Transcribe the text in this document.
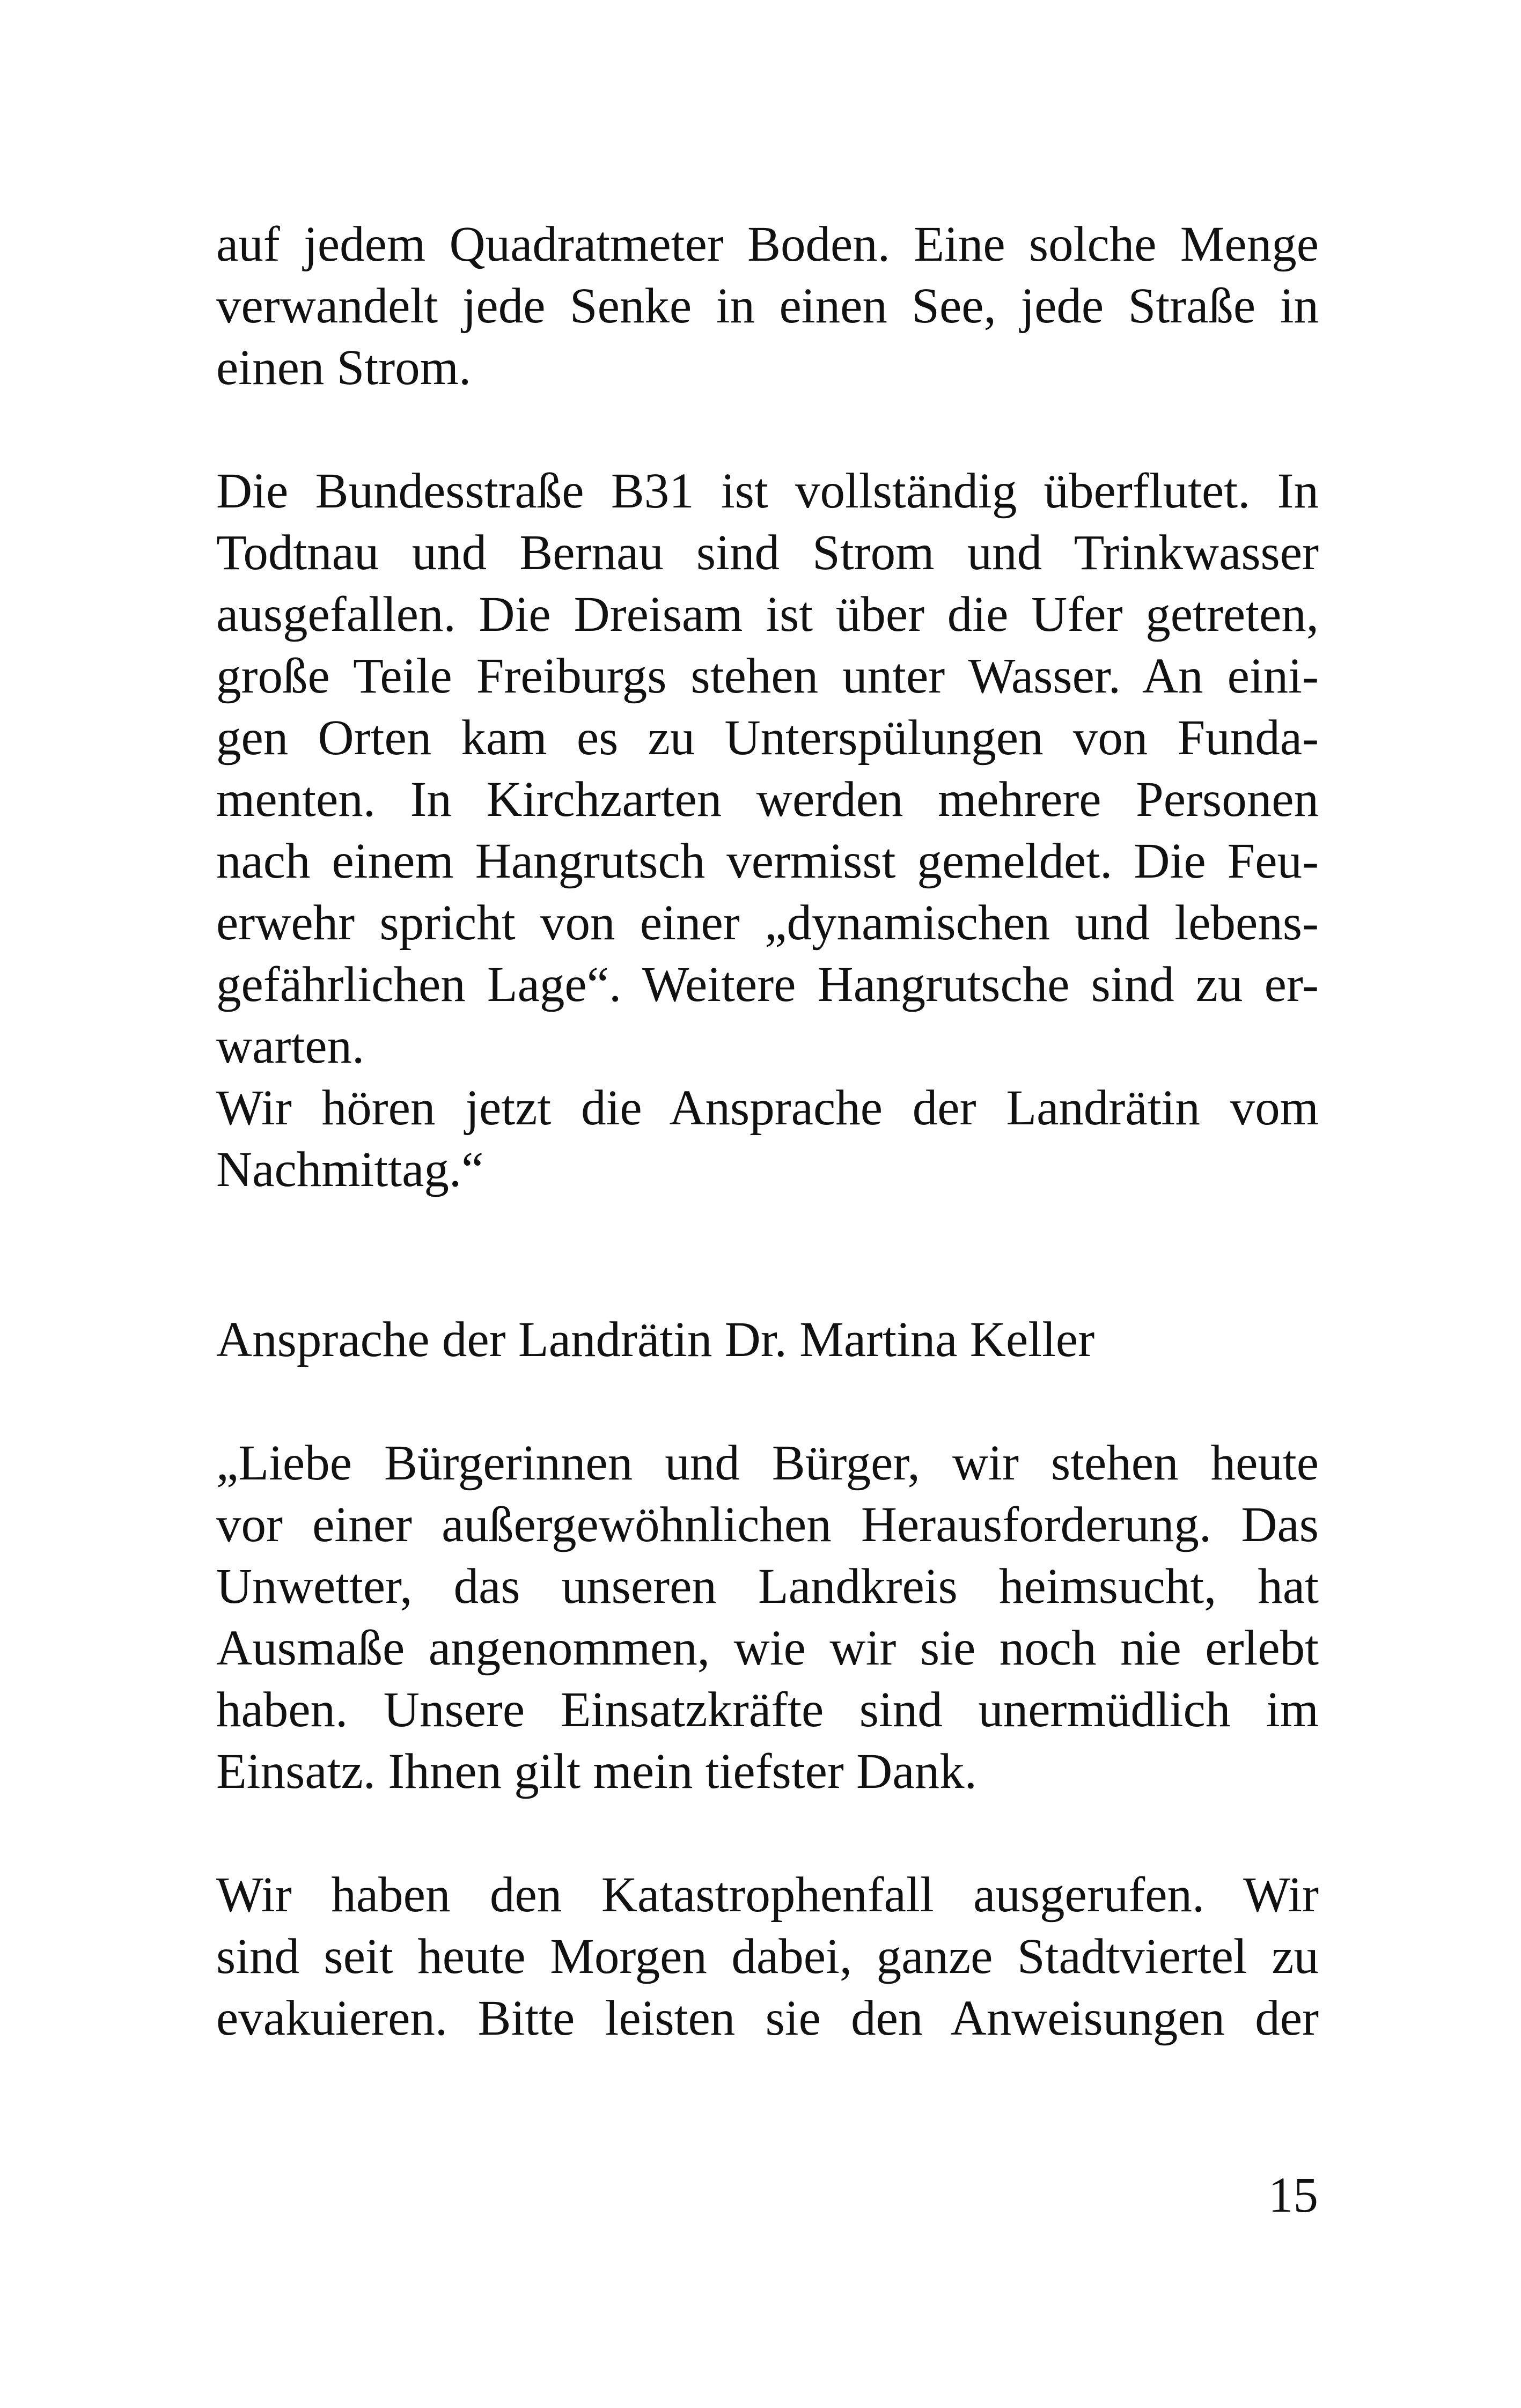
auf jedem Quadratmeter Boden. Eine solche Menge
verwandelt jede Senke in einen See, jede Straße in
einen Strom.
Die Bundesstraße B31 ist vollständig überflutet. In
Todtnau und Bernau sind Strom und Trinkwasser
ausgefallen. Die Dreisam ist über die Ufer getreten,
große Teile Freiburgs stehen unter Wasser. An eini-
gen Orten kam es zu Unterspülungen von Funda-
menten. In Kirchzarten werden mehrere Personen
nach einem Hangrutsch vermisst gemeldet. Die Feu-
erwehr spricht von einer „dynamischen und lebens-
gefährlichen Lage“. Weitere Hangrutsche sind zu er-
warten.
Wir hören jetzt die Ansprache der Landrätin vom
Nachmittag.“
Ansprache der Landrätin Dr. Martina Keller
„Liebe Bürgerinnen und Bürger, wir stehen heute
vor einer außergewöhnlichen Herausforderung. Das
Unwetter, das unseren Landkreis heimsucht, hat
Ausmaße angenommen, wie wir sie noch nie erlebt
haben. Unsere Einsatzkräfte sind unermüdlich im
Einsatz. Ihnen gilt mein tiefster Dank.
Wir haben den Katastrophenfall ausgerufen. Wir
sind seit heute Morgen dabei, ganze Stadtviertel zu
evakuieren. Bitte leisten sie den Anweisungen der
15
